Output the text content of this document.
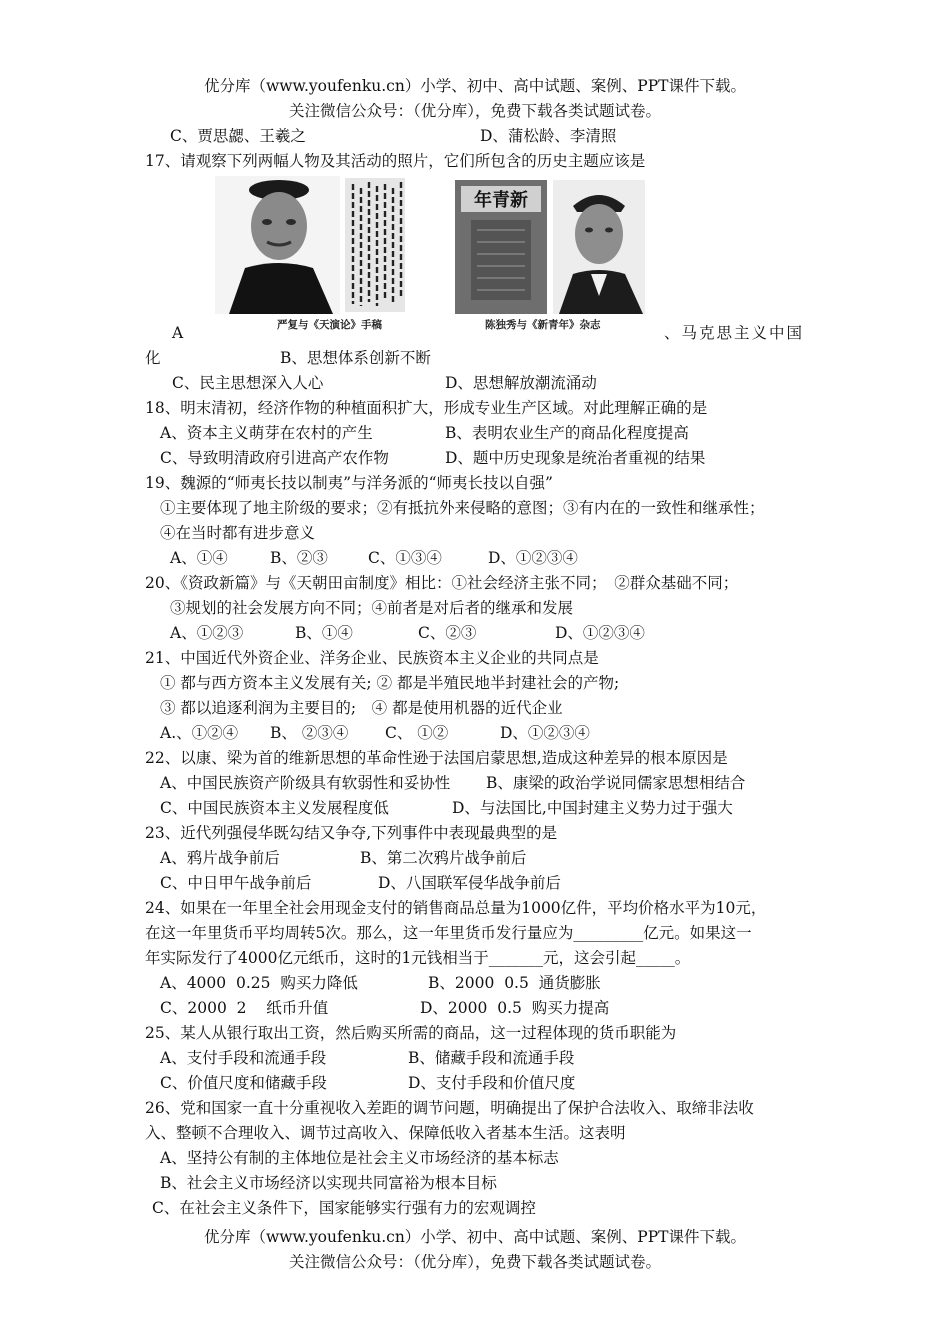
优分库（www.youfenku.cn）小学、初中、高中试题、案例、PPT课件下载。
关注微信公众号：（优分库），免费下载各类试题试卷。
C、贾思勰、王羲之	D、蒲松龄、李清照
17、请观察下列两幅人物及其活动的照片，它们所包含的历史主题应该是
年青新
严复与《天演论》手稿	陈独秀与《新青年》杂志
A	、马克思主义中国
化	B、思想体系创新不断
C、民主思想深入人心	D、思想解放潮流涌动
18、明末清初，经济作物的种植面积扩大，形成专业生产区域。对此理解正确的是
A、资本主义萌芽在农村的产生	B、表明农业生产的商品化程度提高
C、导致明清政府引进高产农作物	D、题中历史现象是统治者重视的结果
19、魏源的“师夷长技以制夷”与洋务派的“师夷长技以自强”
①主要体现了地主阶级的要求；②有抵抗外来侵略的意图；③有内在的一致性和继承性；
④在当时都有进步意义
A、①④	B、②③	C、①③④	D、①②③④
20、《资政新篇》与《天朝田亩制度》相比：①社会经济主张不同；　②群众基础不同；
③规划的社会发展方向不同；④前者是对后者的继承和发展
A、①②③	B、①④	C、②③	D、①②③④
21、中国近代外资企业、洋务企业、民族资本主义企业的共同点是
① 都与西方资本主义发展有关; ② 都是半殖民地半封建社会的产物;
③ 都以追逐利润为主要目的;　④ 都是使用机器的近代企业
A.、①②④ B、 ②③④ C、 ①②	D、①②③④
22、以康、梁为首的维新思想的革命性逊于法国启蒙思想,造成这种差异的根本原因是
A、中国民族资产阶级具有软弱性和妥协性 B、康梁的政治学说同儒家思想相结合
C、中国民族资本主义发展程度低	D、与法国比,中国封建主义势力过于强大
23、近代列强侵华既勾结又争夺,下列事件中表现最典型的是
A、鸦片战争前后	B、第二次鸦片战争前后
C、中日甲午战争前后	D、八国联军侵华战争前后
24、如果在一年里全社会用现金支付的销售商品总量为1000亿件，平均价格水平为10元，
在这一年里货币平均周转5次。那么，这一年里货币发行量应为_________亿元。如果这一
年实际发行了4000亿元纸币，这时的1元钱相当于_______元，这会引起_____。
A、4000  0.25  购买力降低	B、2000  0.5  通货膨胀
C、2000  2    纸币升值	D、2000  0.5  购买力提高
25、某人从银行取出工资，然后购买所需的商品，这一过程体现的货币职能为
A、支付手段和流通手段	B、储藏手段和流通手段
C、价值尺度和储藏手段	D、支付手段和价值尺度
26、党和国家一直十分重视收入差距的调节问题，明确提出了保护合法收入、取缔非法收
入、整顿不合理收入、调节过高收入、保障低收入者基本生活。这表明
A、坚持公有制的主体地位是社会主义市场经济的基本标志
B、社会主义市场经济以实现共同富裕为根本目标
C、在社会主义条件下，国家能够实行强有力的宏观调控
优分库（www.youfenku.cn）小学、初中、高中试题、案例、PPT课件下载。
关注微信公众号：（优分库），免费下载各类试题试卷。
